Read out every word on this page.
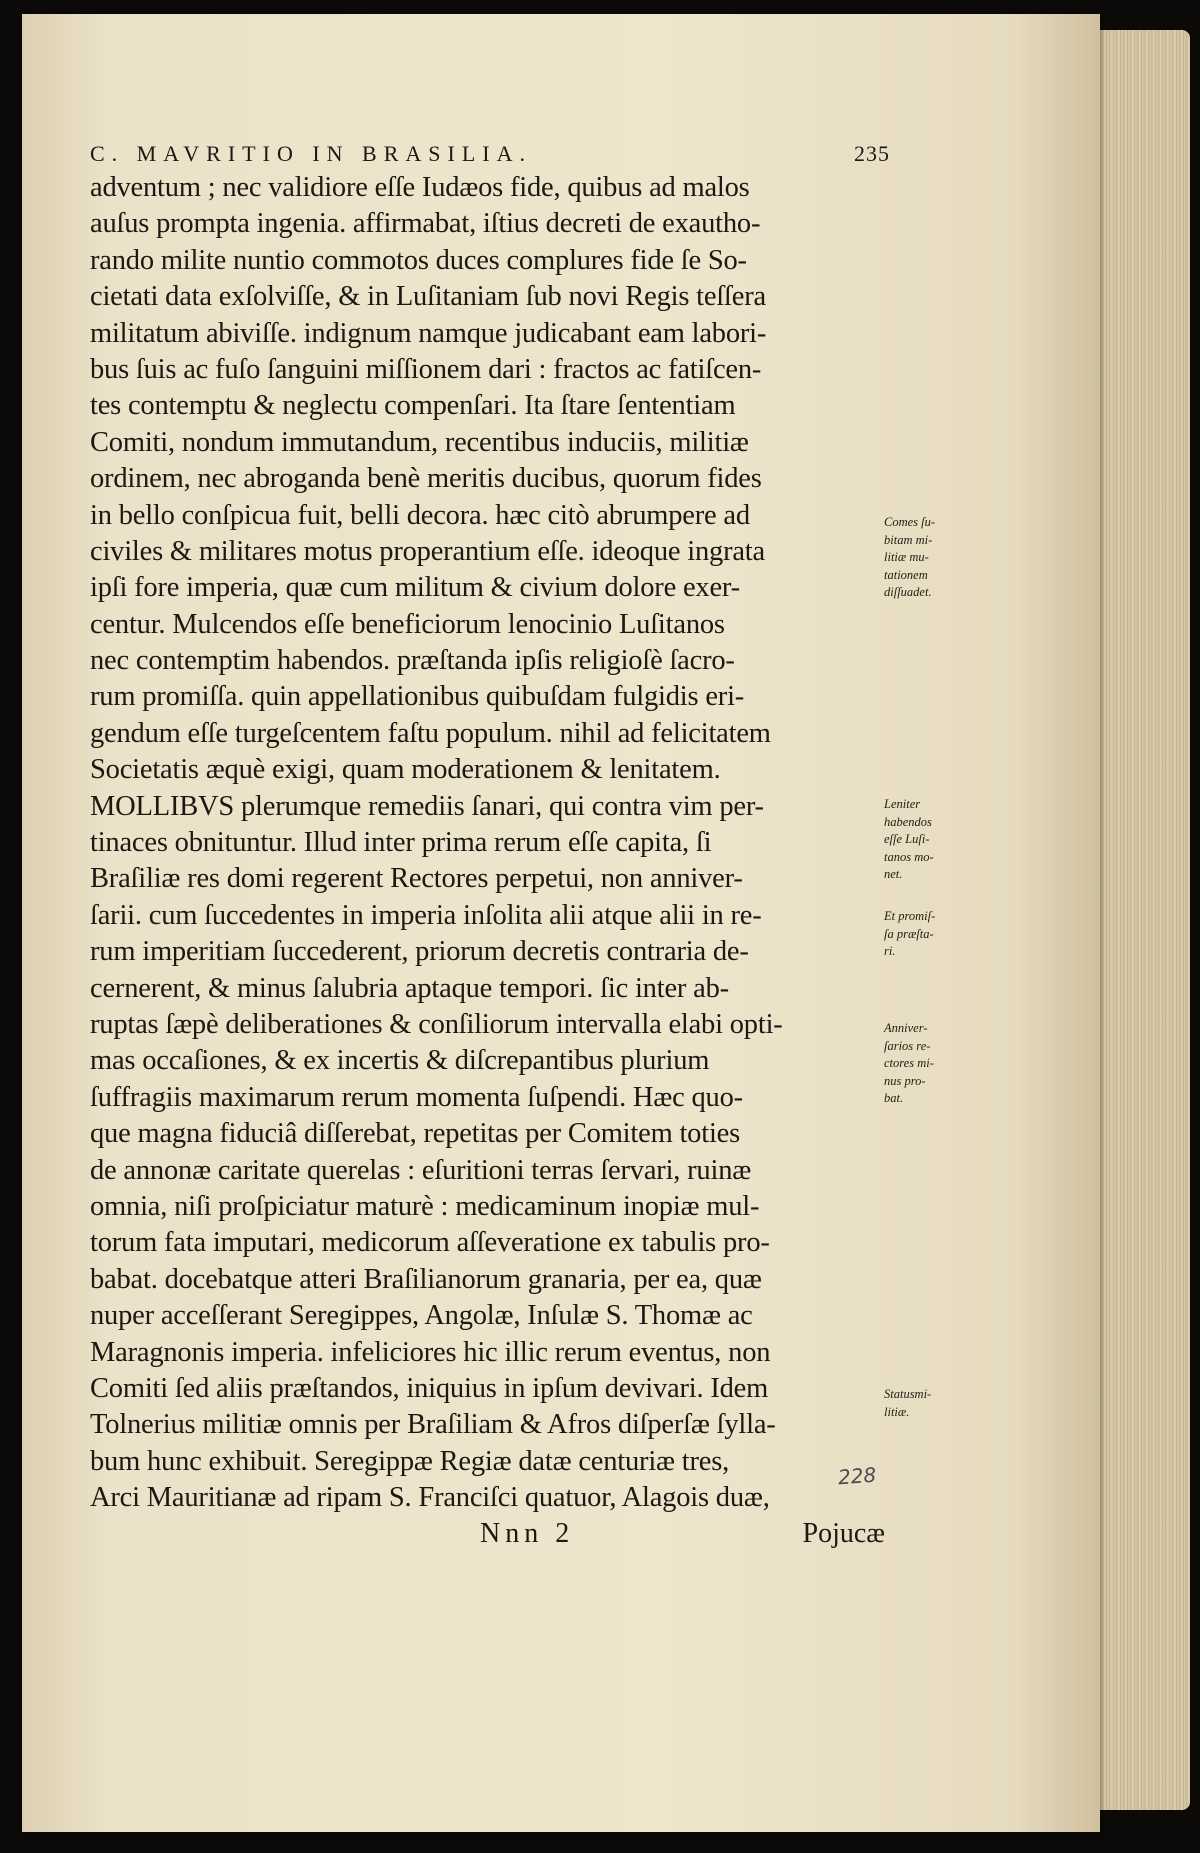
C. MAVRITIO IN BRASILIA.	235
adventum ; nec validiore eſſe Iudæos fide, quibus ad malos
auſus prompta ingenia. affirmabat, iſtius decreti de exautho-
rando milite nuntio commotos duces complures fide ſe So-
cietati data exſolviſſe, & in Luſitaniam ſub novi Regis teſſera
militatum abiviſſe. indignum namque judicabant eam labori-
bus ſuis ac fuſo ſanguini miſſionem dari : fractos ac fatiſcen-
tes contemptu & neglectu compenſari. Ita ſtare ſententiam
Comiti, nondum immutandum, recentibus induciis, militiæ
ordinem, nec abroganda benè meritis ducibus, quorum fides
in bello conſpicua fuit, belli decora. hæc citò abrumpere ad
civiles & militares motus properantium eſſe. ideoque ingrata
ipſi fore imperia, quæ cum militum & civium dolore exer-
centur. Mulcendos eſſe beneficiorum lenocinio Luſitanos
nec contemptim habendos. præſtanda ipſis religioſè ſacro-
rum promiſſa. quin appellationibus quibuſdam fulgidis eri-
gendum eſſe turgeſcentem faſtu populum. nihil ad felicitatem
Societatis æquè exigi, quam moderationem & lenitatem.
MOLLIBVS plerumque remediis ſanari, qui contra vim per-
tinaces obnituntur. Illud inter prima rerum eſſe capita, ſi
Braſiliæ res domi regerent Rectores perpetui, non anniver-
ſarii. cum ſuccedentes in imperia inſolita alii atque alii in re-
rum imperitiam ſuccederent, priorum decretis contraria de-
cernerent, & minus ſalubria aptaque tempori. ſic inter ab-
ruptas ſæpè deliberationes & conſiliorum intervalla elabi opti-
mas occaſiones, & ex incertis & diſcrepantibus plurium
ſuffragiis maximarum rerum momenta ſuſpendi. Hæc quo-
que magna fiduciâ diſſerebat, repetitas per Comitem toties
de annonæ caritate querelas : eſuritioni terras ſervari, ruinæ
omnia, niſi proſpiciatur maturè : medicaminum inopiæ mul-
torum fata imputari, medicorum aſſeveratione ex tabulis pro-
babat. docebatque atteri Braſilianorum granaria, per ea, quæ
nuper acceſſerant Seregippes, Angolæ, Inſulæ S. Thomæ ac
Maragnonis imperia. infeliciores hic illic rerum eventus, non
Comiti ſed aliis præſtandos, iniquius in ipſum devivari. Idem
Tolnerius militiæ omnis per Braſiliam & Afros diſperſæ ſylla-
bum hunc exhibuit. Seregippæ Regiæ datæ centuriæ tres,
Arci Mauritianæ ad ripam S. Franciſci quatuor, Alagois duæ,
Nnn 2	Pojucæ
228
Comes ſu-
bitam mi-
litiæ mu-
tationem
diſſuadet.
Leniter
habendos
eſſe Luſi-
tanos mo-
net.
Et promiſ-
ſa præſta-
ri.
Anniver-
ſarios re-
ctores mi-
nus pro-
bat.
Statusmi-
litiæ.
